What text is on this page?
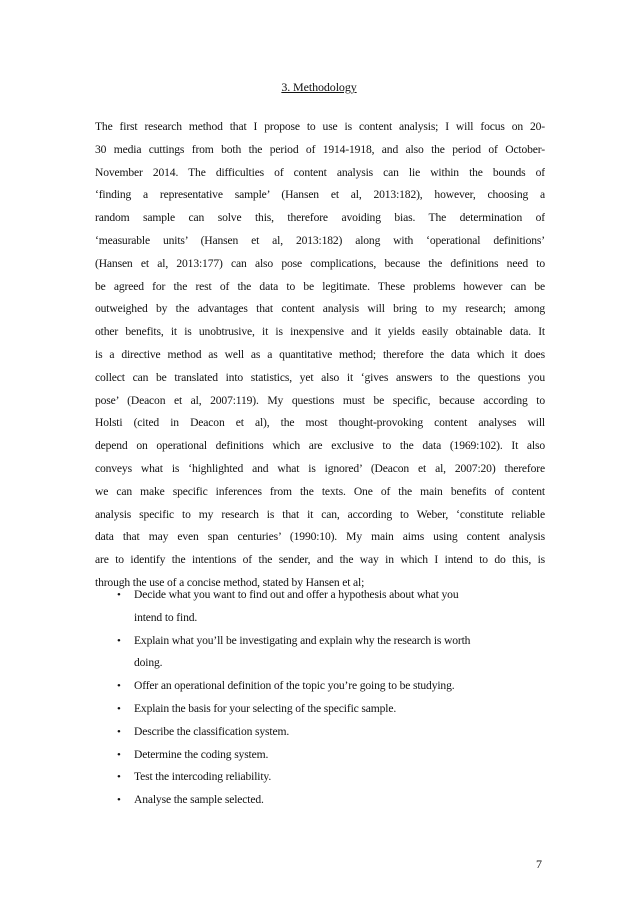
3. Methodology
The first research method that I propose to use is content analysis; I will focus on 20-
30 media cuttings from both the period of 1914-1918, and also the period of October-
November 2014. The difficulties of content analysis can lie within the bounds of
‘finding a representative sample’ (Hansen et al, 2013:182), however, choosing a
random sample can solve this, therefore avoiding bias. The determination of
‘measurable units’ (Hansen et al, 2013:182) along with ‘operational definitions’
(Hansen et al, 2013:177) can also pose complications, because the definitions need to
be agreed for the rest of the data to be legitimate. These problems however can be
outweighed by the advantages that content analysis will bring to my research; among
other benefits, it is unobtrusive, it is inexpensive and it yields easily obtainable data. It
is a directive method as well as a quantitative method; therefore the data which it does
collect can be translated into statistics, yet also it ‘gives answers to the questions you
pose’ (Deacon et al, 2007:119). My questions must be specific, because according to
Holsti (cited in Deacon et al), the most thought-provoking content analyses will
depend on operational definitions which are exclusive to the data (1969:102). It also
conveys what is ‘highlighted and what is ignored’ (Deacon et al, 2007:20) therefore
we can make specific inferences from the texts. One of the main benefits of content
analysis specific to my research is that it can, according to Weber, ‘constitute reliable
data that may even span centuries’ (1990:10). My main aims using content analysis
are to identify the intentions of the sender, and the way in which I intend to do this, is
through the use of a concise method, stated by Hansen et al;
• Decide what you want to find out and offer a hypothesis about what you
intend to find.
• Explain what you’ll be investigating and explain why the research is worth
doing.
• Offer an operational definition of the topic you’re going to be studying.
• Explain the basis for your selecting of the specific sample.
• Describe the classification system.
• Determine the coding system.
• Test the intercoding reliability.
• Analyse the sample selected.
7
